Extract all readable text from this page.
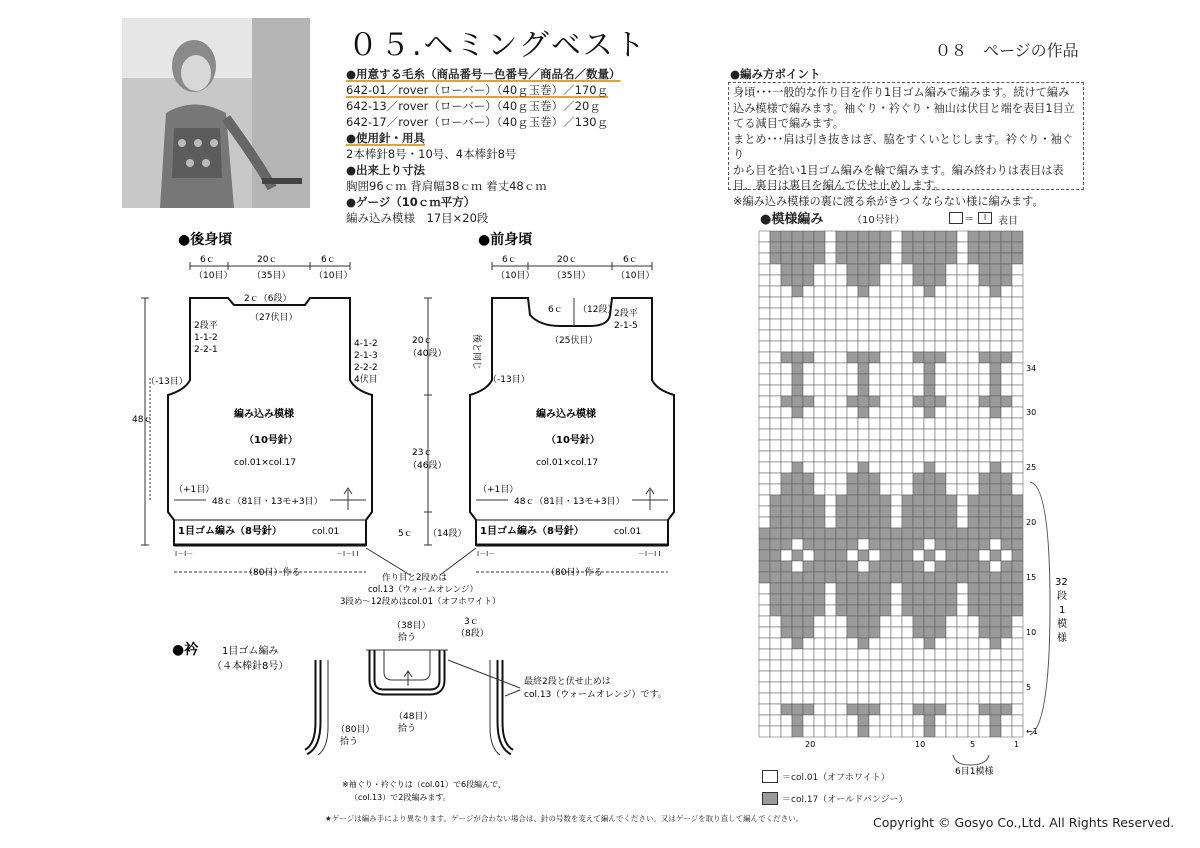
０５.ヘミングベスト	０８　ページの作品
●用意する毛糸（商品番号－色番号／商品名／数量）
642-01／rover（ローバー）（40ｇ玉巻）／170ｇ
642-13／rover（ローバー）（40ｇ玉巻）／20ｇ
642-17／rover（ローバー）（40ｇ玉巻）／130ｇ
●使用針・用具
2本棒針8号・10号、4本棒針8号
●出来上り寸法
胸囲96ｃｍ 背肩幅38ｃｍ 着丈48ｃｍ
●ゲージ（10ｃｍ平方）
編み込み模様　17目×20段
●編み方ポイント
身頃･･･一般的な作り目を作り1目ゴム編みで編みます。続けて編み
込み模様で編みます。袖ぐり・衿ぐり・袖山は伏目と端を表目1目立
てる減目で編みます。
まとめ･･･肩は引き抜きはぎ、脇をすくいとじします。衿ぐり・袖ぐり
から目を拾い1目ゴム編みを輪で編みます。編み終わりは表目は表
目、裏目は裏目を編んで伏せ止めします。
※編み込み模様の裏に渡る糸がきつくならない様に編みます。
●後身頃
6ｃ	20ｃ	6ｃ
（10目） （35目）	（10目）
2ｃ（6段）
（27伏目）
2段平
1-1-2
2-2-1
4-1-2
2-1-3
2-2-2
4伏目
（-13目）
48ｃ	編み込み模様
（10号針）
col.01×col.17
（+1目）
48ｃ（81目・13モ+3目）
1目ゴム編み（8号針）	col.01
I－I－	－I－I I
（80目）作る
20ｃ
（40段）
23ｃ
（46段）
5ｃ （14段）
●前身頃
6ｃ	20ｃ	6ｃ
（10目） （35目）	（10目）
6ｃ （12段）
2段平
2-1-5
（25伏目）
後と同じ
（-13目）
編み込み模様
（10号針）
col.01×col.17
（+1目）
48ｃ（81目・13モ+3目）
1目ゴム編み（8号針）	col.01
I－I－	－I－I I
（80目）作る
作り目と2段めは
col.13（ウォームオレンジ）
3段め～12段めはcol.01（オフホワイト）
●衿 1目ゴム編み
（４本棒針8号）
（38目）
拾う
3ｃ
（8段）
（48目）
拾う
（80目）
拾う
最終2段と伏せ止めは
col.13（ウォームオレンジ）です。
※袖ぐり・衿ぐりは（col.01）で6段編んで、
（col.13）で2段編みます。
●模様編み	（10号针）	＝	I	表目
34
30
25
20
15
10
5
←1
20	10	5	1
32
段
1
模
様
6目1模様
＝col.01（オフホワイト）
＝col.17（オールドパンジー）
★ゲージは編み手により異なります。ゲージが合わない場合は、針の号数を変えて編んでください。又はゲージを取り直して編んでください。	Copyright © Gosyo Co.,Ltd. All Rights Reserved.
